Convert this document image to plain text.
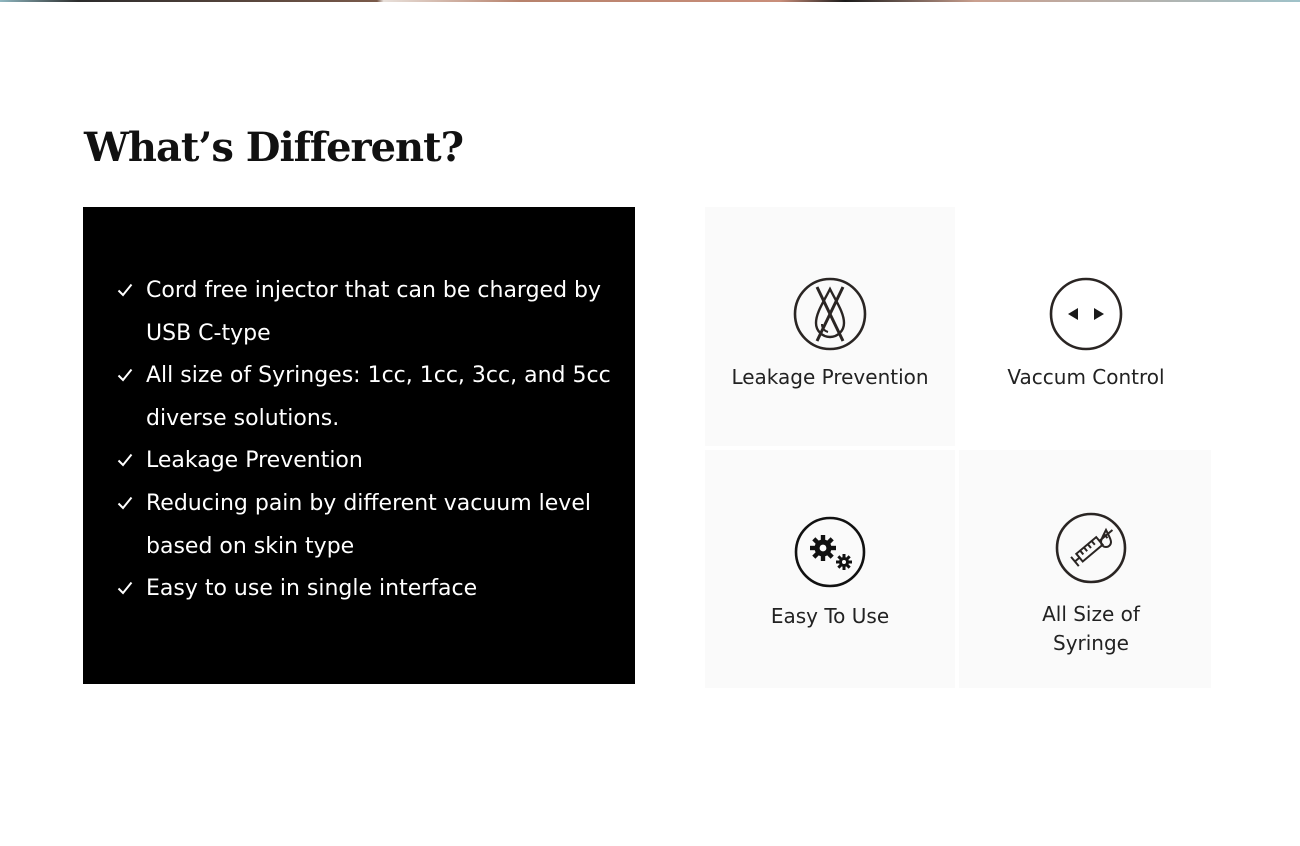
What’s Different?
Cord free injector that can be charged by USB C-type
All size of Syringes: 1cc, 1cc, 3cc, and 5cc diverse solutions.
Leakage Prevention
Reducing pain by different vacuum level based on skin type
Easy to use in single interface
Leakage Prevention	Vaccum Control
Easy To Use	All Size of
Syringe
